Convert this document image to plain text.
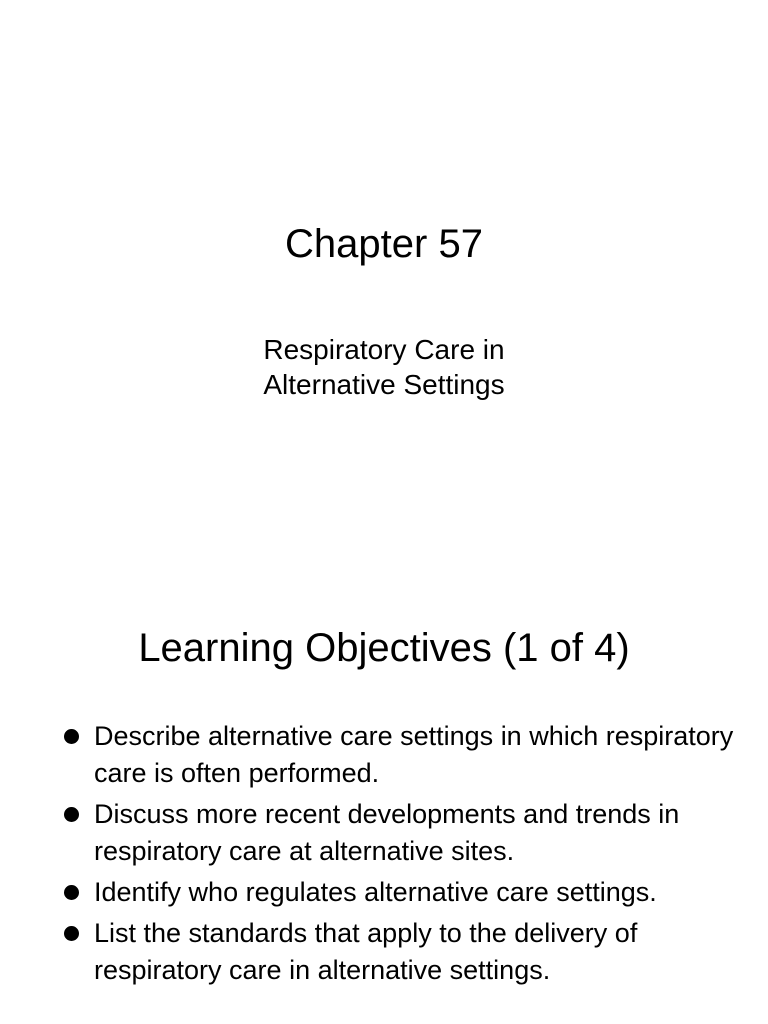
Chapter 57
Respiratory Care in
Alternative Settings
Learning Objectives (1 of 4)
Describe alternative care settings in which respiratory care is often performed.
Discuss more recent developments and trends in respiratory care at alternative sites.
Identify who regulates alternative care settings.
List the standards that apply to the delivery of respiratory care in alternative settings.
